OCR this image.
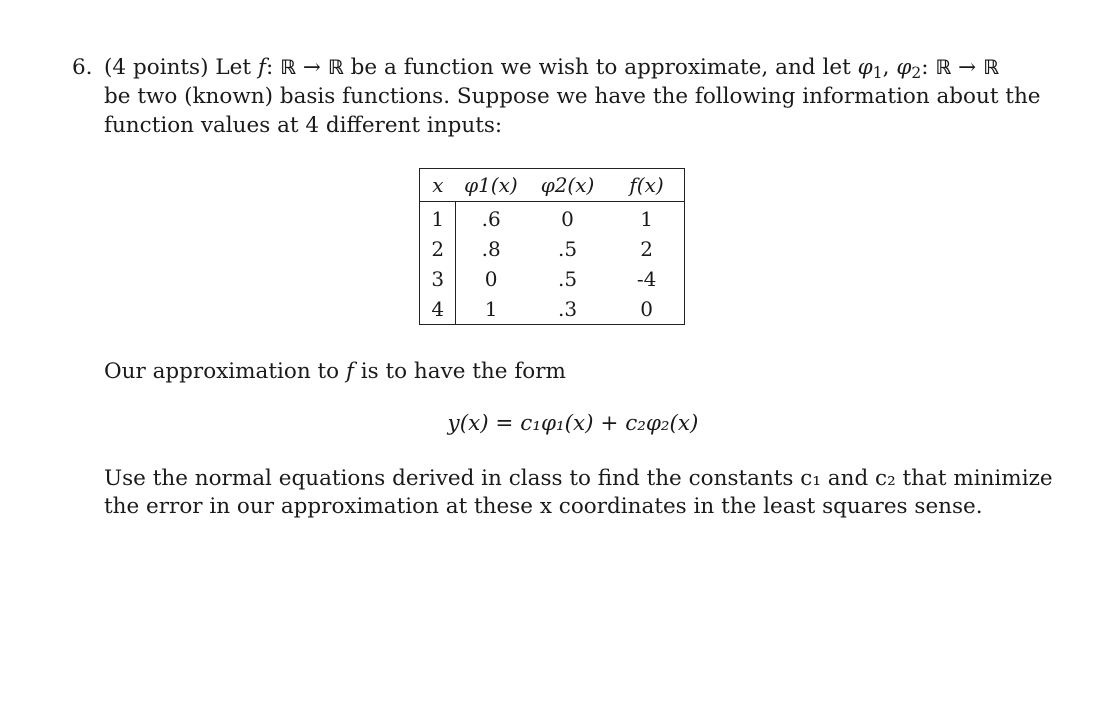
6. (4 points) Let f: ℝ → ℝ be a function we wish to approximate, and let $\varphi_1$, $\varphi_2$: ℝ → ℝ
be two (known) basis functions. Suppose we have the following information about the
function values at 4 different inputs:
x	φ1(x)	φ2(x)	f(x)
1	.6	0	1
2	.8	.5	2
3	0	.5	-4
4	1	.3	0
Our approximation to f is to have the form
y(x) = c₁φ₁(x) + c₂φ₂(x)
Use the normal equations derived in class to find the constants c₁ and c₂ that minimize
the error in our approximation at these x coordinates in the least squares sense.
